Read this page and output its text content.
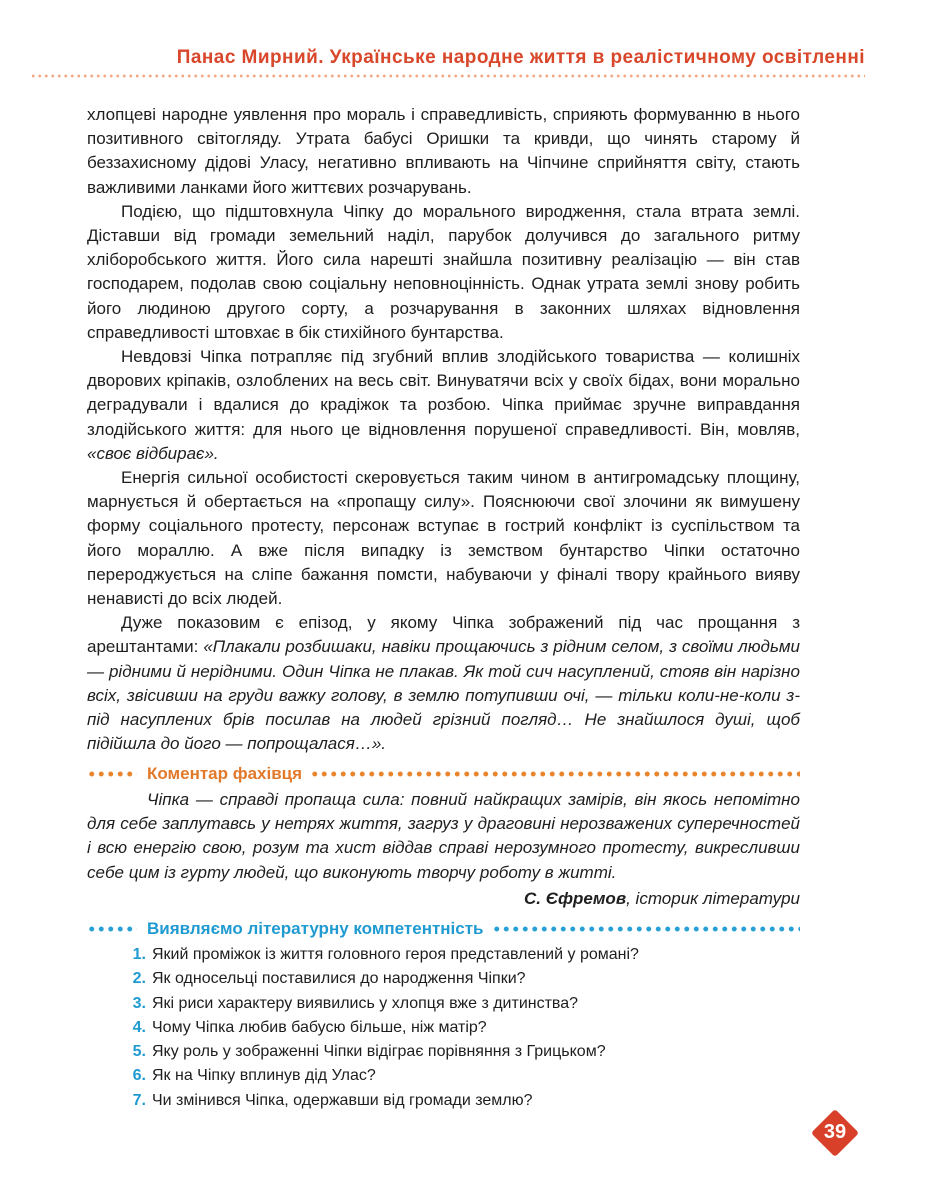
Панас Мирний. Українське народне життя в реалістичному освітленні

хлопцеві народне уявлення про мораль і справедливість, сприяють формуванню в нього позитивного світогляду. Утрата бабусі Оришки та кривди, що чинять старому й беззахисному дідові Уласу, негативно впливають на Чіпчине сприйняття світу, стають важливими ланками його життєвих розчарувань.

Подією, що підштовхнула Чіпку до морального виродження, стала втрата землі. Діставши від громади земельний наділ, парубок долучився до загального ритму хліборобського життя. Його сила нарешті знайшла позитивну реалізацію — він став господарем, подолав свою соціальну неповноцінність. Однак утрата землі знову робить його людиною другого сорту, а розчарування в законних шляхах відновлення справедливості штовхає в бік стихійного бунтарства.

Невдовзі Чіпка потрапляє під згубний вплив злодійського товариства — колишніх дворових кріпаків, озлоблених на весь світ. Винуватячи всіх у своїх бідах, вони морально деградували і вдалися до крадіжок та розбою. Чіпка приймає зручне виправдання злодійського життя: для нього це відновлення порушеної справедливості. Він, мовляв, «своє відбирає».

Енергія сильної особистості скеровується таким чином в антигромадську площину, марнується й обертається на «пропащу силу». Пояснюючи свої злочини як вимушену форму соціального протесту, персонаж вступає в гострий конфлікт із суспільством та його мораллю. А вже після випадку із земством бунтарство Чіпки остаточно перероджується на сліпе бажання помсти, набуваючи у фіналі твору крайнього вияву ненависті до всіх людей.

Дуже показовим є епізод, у якому Чіпка зображений під час прощання з арештантами: «Плакали розбишаки, навіки прощаючись з рідним селом, з своїми людьми — рідними й нерідними. Один Чіпка не плакав. Як той сич насуплений, стояв він нарізно всіх, звісивши на груди важку голову, в землю потупивши очі, — тільки коли-не-коли з-під насуплених брів посилав на людей грізний погляд… Не знайшлося душі, щоб підійшла до його — попрощалася…».

Коментар фахівця

Чіпка — справді пропаща сила: повний найкращих замірів, він якось непомітно для себе заплутавсь у нетрях життя, загруз у драговині нерозважених суперечностей і всю енергію свою, розум та хист віддав справі нерозумного протесту, викресливши себе цим із гурту людей, що виконують творчу роботу в житті.

С. Єфремов, історик літератури

Виявляємо літературну компетентність
1. Який проміжок із життя головного героя представлений у романі?
2. Як односельці поставилися до народження Чіпки?
3. Які риси характеру виявились у хлопця вже з дитинства?
4. Чому Чіпка любив бабусю більше, ніж матір?
5. Яку роль у зображенні Чіпки відіграє порівняння з Грицьком?
6. Як на Чіпку вплинув дід Улас?
7. Чи змінився Чіпка, одержавши від громади землю?
39
